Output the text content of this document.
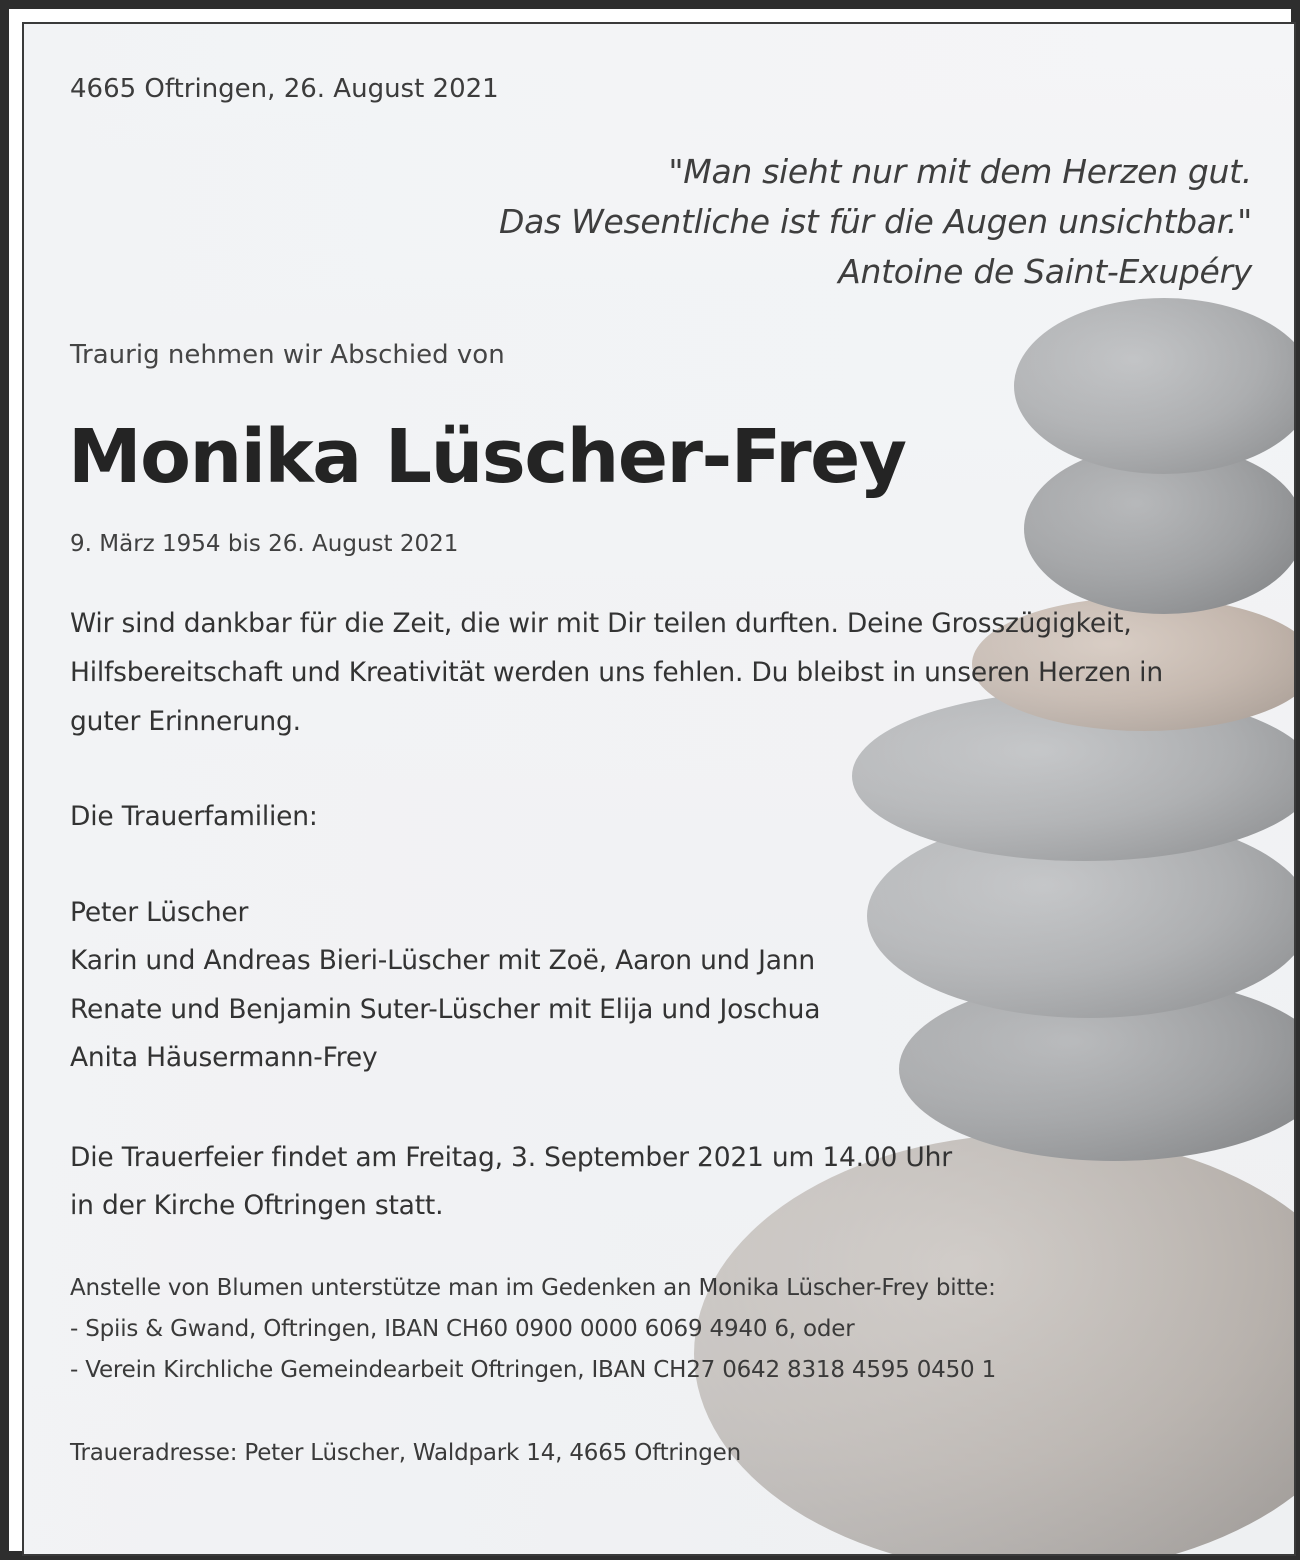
4665 Oftringen, 26. August 2021
"Man sieht nur mit dem Herzen gut.
Das Wesentliche ist für die Augen unsichtbar."
Antoine de Saint-Exupéry
Traurig nehmen wir Abschied von
Monika Lüscher-Frey
9. März 1954 bis 26. August 2021
Wir sind dankbar für die Zeit, die wir mit Dir teilen durften. Deine Grosszügigkeit,
Hilfsbereitschaft und Kreativität werden uns fehlen. Du bleibst in unseren Herzen in
guter Erinnerung.
Die Trauerfamilien:
Peter Lüscher
Karin und Andreas Bieri-Lüscher mit Zoë, Aaron und Jann
Renate und Benjamin Suter-Lüscher mit Elija und Joschua
Anita Häusermann-Frey
Die Trauerfeier findet am Freitag, 3. September 2021 um 14.00 Uhr
in der Kirche Oftringen statt.
Anstelle von Blumen unterstütze man im Gedenken an Monika Lüscher-Frey bitte:
- Spiis & Gwand, Oftringen, IBAN CH60 0900 0000 6069 4940 6, oder
- Verein Kirchliche Gemeindearbeit Oftringen, IBAN CH27 0642 8318 4595 0450 1
Traueradresse: Peter Lüscher, Waldpark 14, 4665 Oftringen
